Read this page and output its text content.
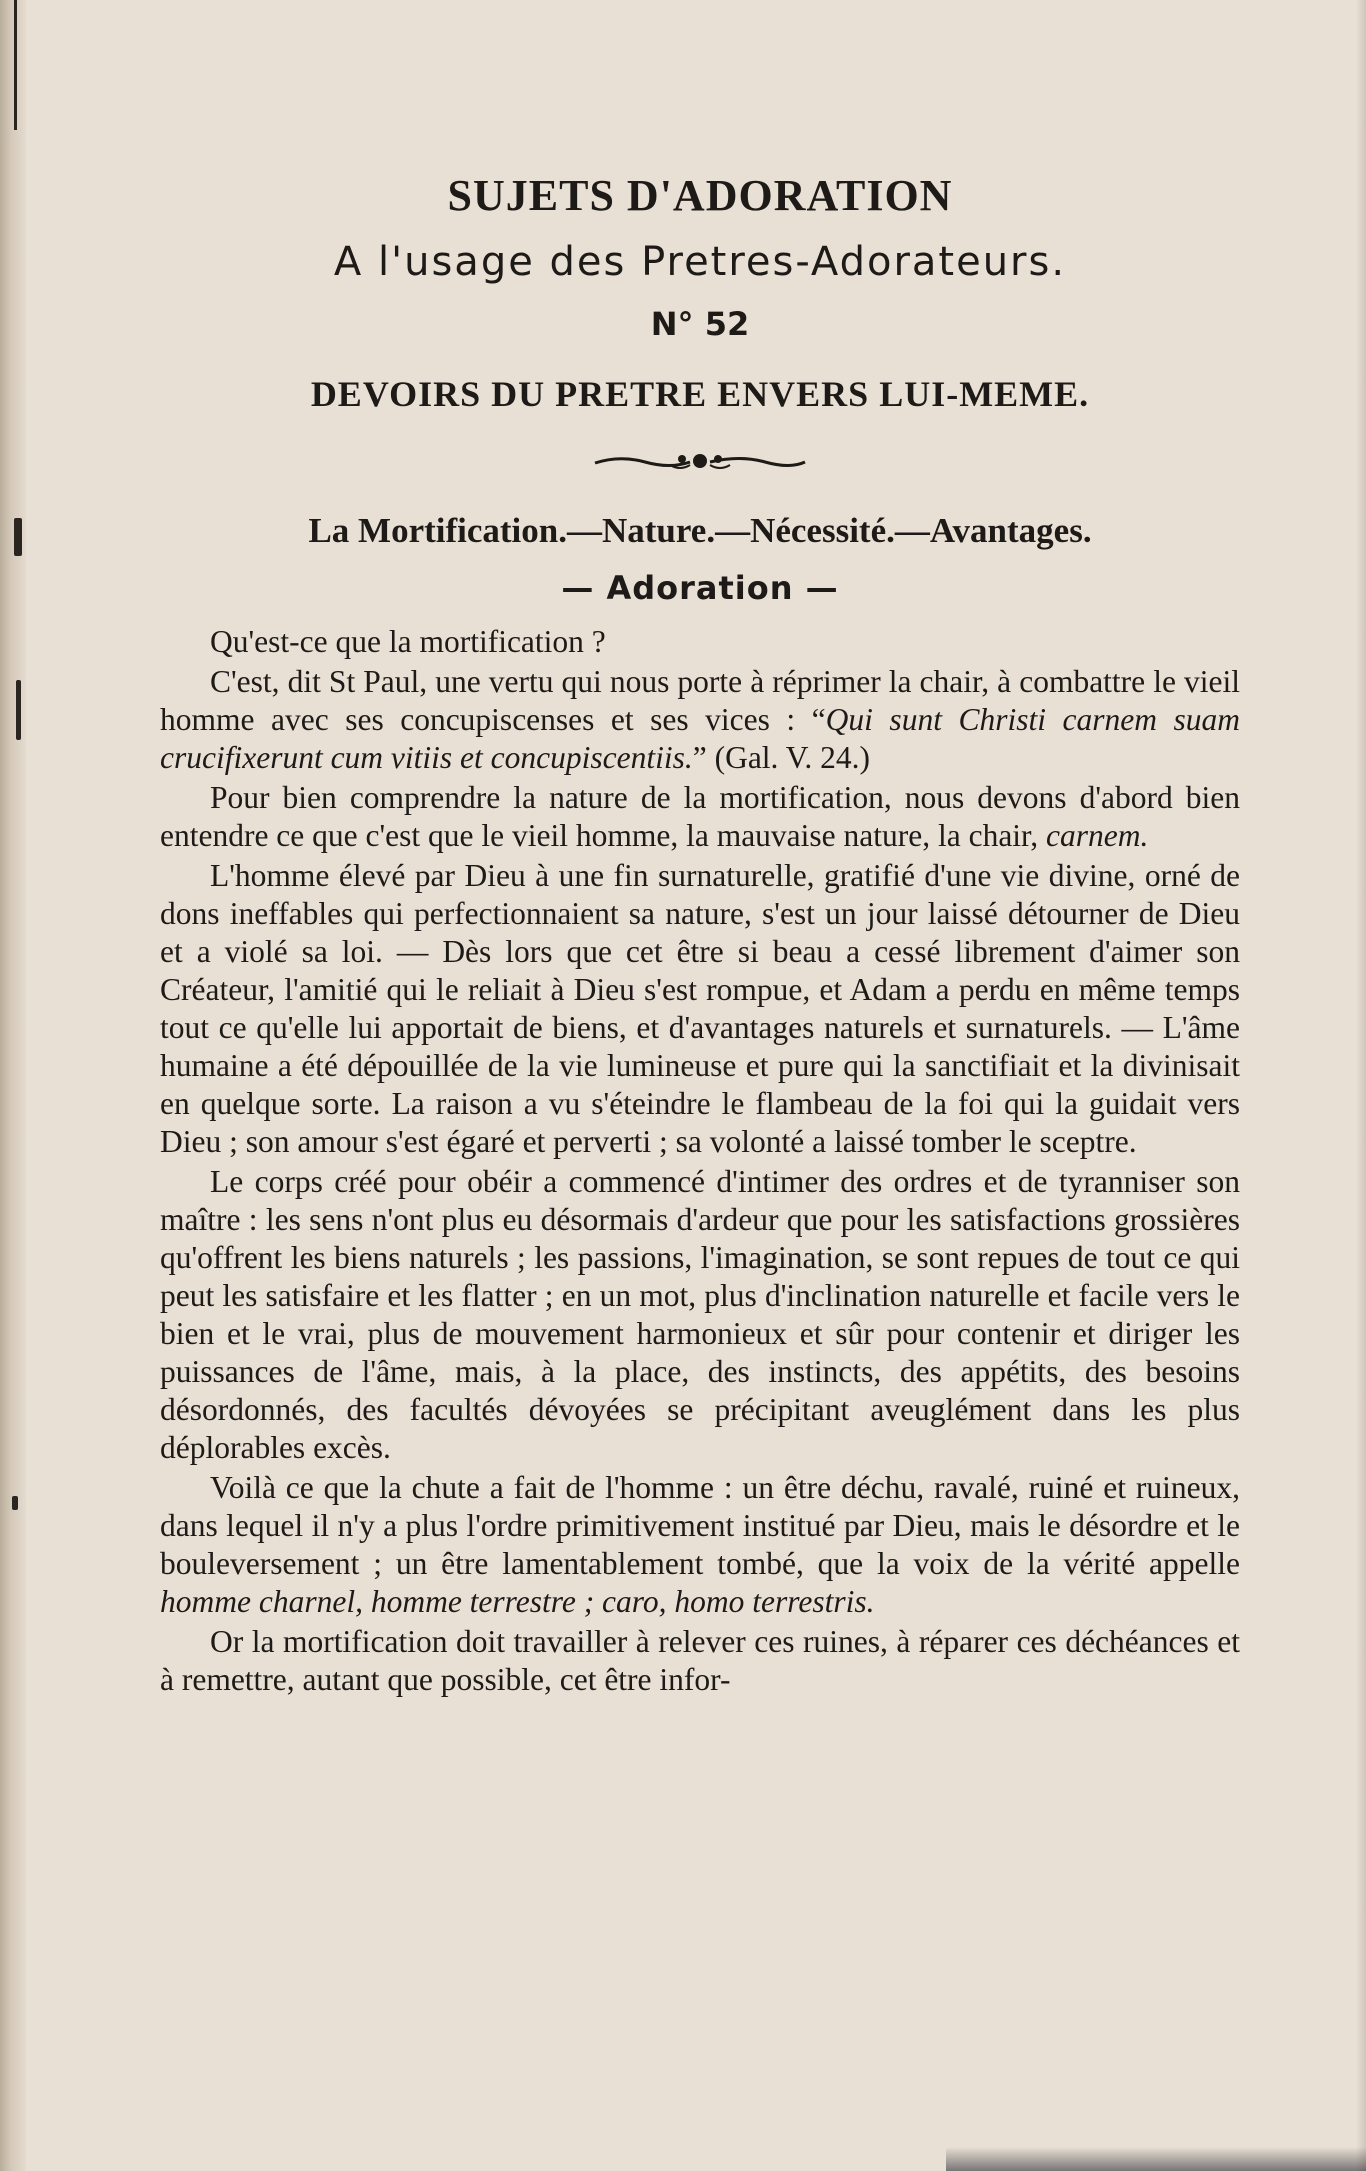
SUJETS D'ADORATION
A l'usage des Pretres-Adorateurs.
N° 52
DEVOIRS DU PRETRE ENVERS LUI-MEME.
La Mortification.—Nature.—Nécessité.—Avantages.
— Adoration —

Qu'est-ce que la mortification ?

C'est, dit St Paul, une vertu qui nous porte à réprimer la chair, à combattre le vieil homme avec ses concupiscenses et ses vices : “Qui sunt Christi carnem suam crucifixerunt cum vitiis et concupiscentiis.” (Gal. V. 24.)

Pour bien comprendre la nature de la mortification, nous devons d'abord bien entendre ce que c'est que le vieil homme, la mauvaise nature, la chair, carnem.

L'homme élevé par Dieu à une fin surnaturelle, gratifié d'une vie divine, orné de dons ineffables qui perfectionnaient sa nature, s'est un jour laissé détourner de Dieu et a violé sa loi. — Dès lors que cet être si beau a cessé librement d'aimer son Créateur, l'amitié qui le reliait à Dieu s'est rompue, et Adam a perdu en même temps tout ce qu'elle lui apportait de biens, et d'avantages naturels et surnaturels. — L'âme humaine a été dépouillée de la vie lumineuse et pure qui la sanctifiait et la divinisait en quelque sorte. La raison a vu s'éteindre le flambeau de la foi qui la guidait vers Dieu ; son amour s'est égaré et perverti ; sa volonté a laissé tomber le sceptre.

Le corps créé pour obéir a commencé d'intimer des ordres et de tyranniser son maître : les sens n'ont plus eu désormais d'ardeur que pour les satisfactions grossières qu'offrent les biens naturels ; les passions, l'imagination, se sont repues de tout ce qui peut les satisfaire et les flatter ; en un mot, plus d'inclination naturelle et facile vers le bien et le vrai, plus de mouvement harmonieux et sûr pour contenir et diriger les puissances de l'âme, mais, à la place, des instincts, des appétits, des besoins désordonnés, des facultés dévoyées se précipitant aveuglément dans les plus déplorables excès.

Voilà ce que la chute a fait de l'homme : un être déchu, ravalé, ruiné et ruineux, dans lequel il n'y a plus l'ordre primitivement institué par Dieu, mais le désordre et le bouleversement ; un être lamentablement tombé, que la voix de la vérité appelle homme charnel, homme terrestre ; caro, homo terrestris.

Or la mortification doit travailler à relever ces ruines, à réparer ces déchéances et à remettre, autant que possible, cet être infor-
